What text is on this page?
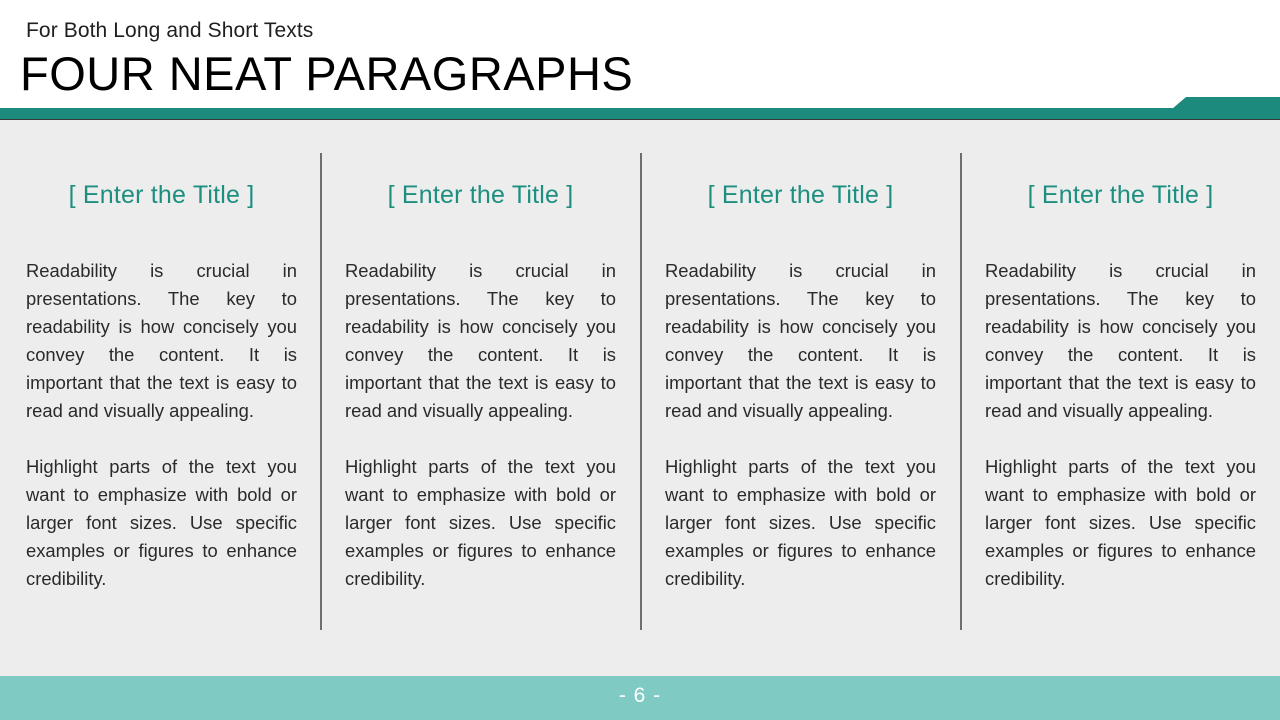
For Both Long and Short Texts
FOUR NEAT PARAGRAPHS
[ Enter the Title ]
Readability is crucial in presentations. The key to readability is how concisely you convey the content. It is important that the text is easy to read and visually appealing.
Highlight parts of the text you want to emphasize with bold or larger font sizes. Use specific examples or figures to enhance credibility.
[ Enter the Title ]
Readability is crucial in presentations. The key to readability is how concisely you convey the content. It is important that the text is easy to read and visually appealing.
Highlight parts of the text you want to emphasize with bold or larger font sizes. Use specific examples or figures to enhance credibility.
[ Enter the Title ]
Readability is crucial in presentations. The key to readability is how concisely you convey the content. It is important that the text is easy to read and visually appealing.
Highlight parts of the text you want to emphasize with bold or larger font sizes. Use specific examples or figures to enhance credibility.
[ Enter the Title ]
Readability is crucial in presentations. The key to readability is how concisely you convey the content. It is important that the text is easy to read and visually appealing.
Highlight parts of the text you want to emphasize with bold or larger font sizes. Use specific examples or figures to enhance credibility.
- 6 -
